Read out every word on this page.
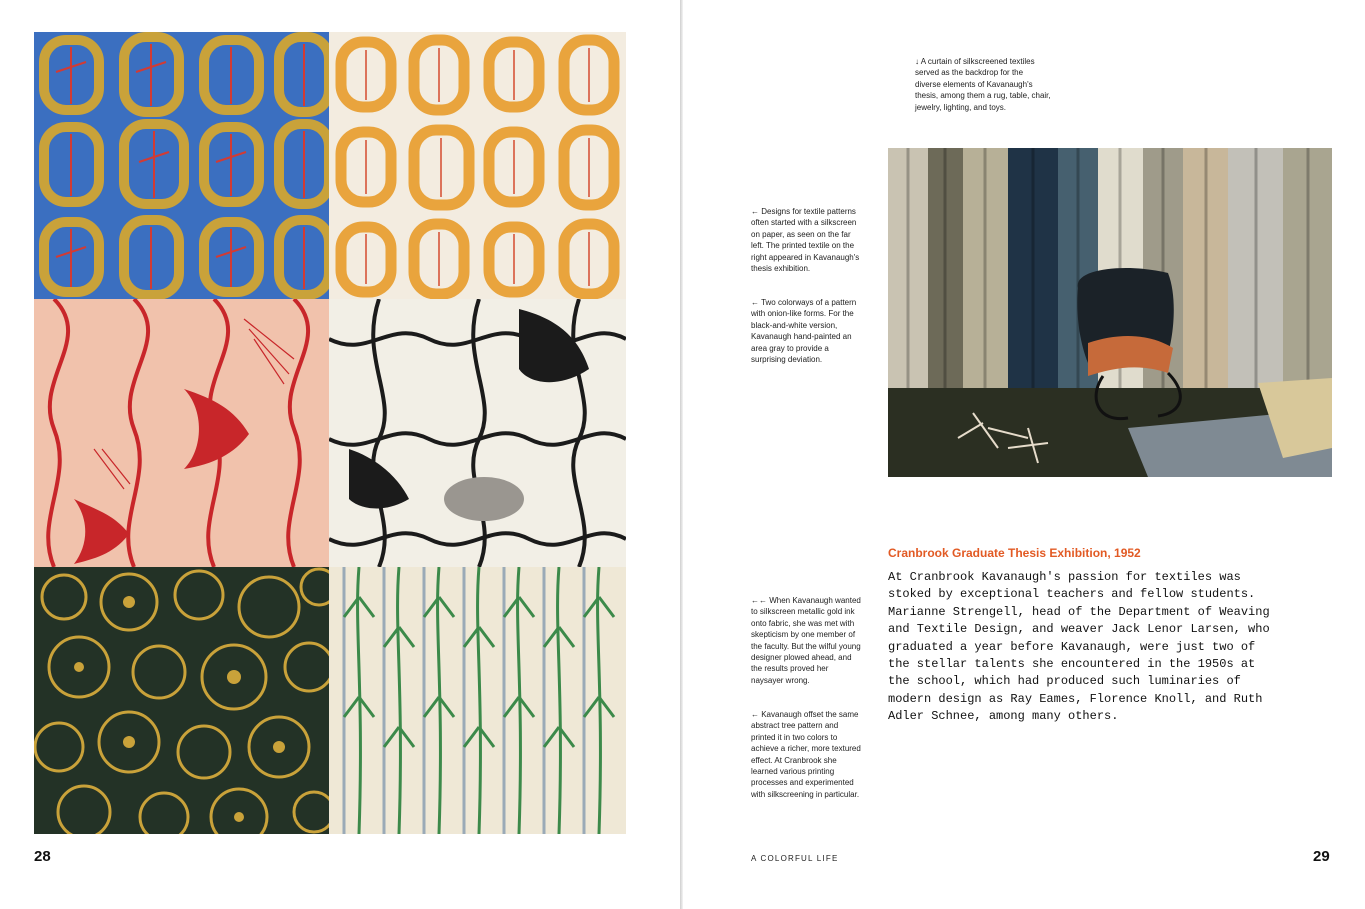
28
↓ A curtain of silkscreened textiles served as the backdrop for the diverse elements of Kavanaugh's thesis, among them a rug, table, chair, jewelry, lighting, and toys.
← Designs for textile patterns often started with a silkscreen on paper, as seen on the far left. The printed textile on the right appeared in Kavanaugh's thesis exhibition.
← Two colorways of a pattern with onion-like forms. For the black-and-white version, Kavanaugh hand-painted an area gray to provide a surprising deviation.
←← When Kavanaugh wanted to silkscreen metallic gold ink onto fabric, she was met with skepticism by one member of the faculty. But the wilful young designer plowed ahead, and the results proved her naysayer wrong.
← Kavanaugh offset the same abstract tree pattern and printed it in two colors to achieve a richer, more textured effect. At Cranbrook she learned various printing processes and experimented with silkscreening in particular.
Cranbrook Graduate Thesis Exhibition, 1952
At Cranbrook Kavanaugh's passion for textiles was stoked by exceptional teachers and fellow students. Marianne Strengell, head of the Department of Weaving and Textile Design, and weaver Jack Lenor Larsen, who graduated a year before Kavanaugh, were just two of the stellar talents she encountered in the 1950s at the school, which had produced such luminaries of modern design as Ray Eames, Florence Knoll, and Ruth Adler Schnee, among many others.
A COLORFUL LIFE	29
